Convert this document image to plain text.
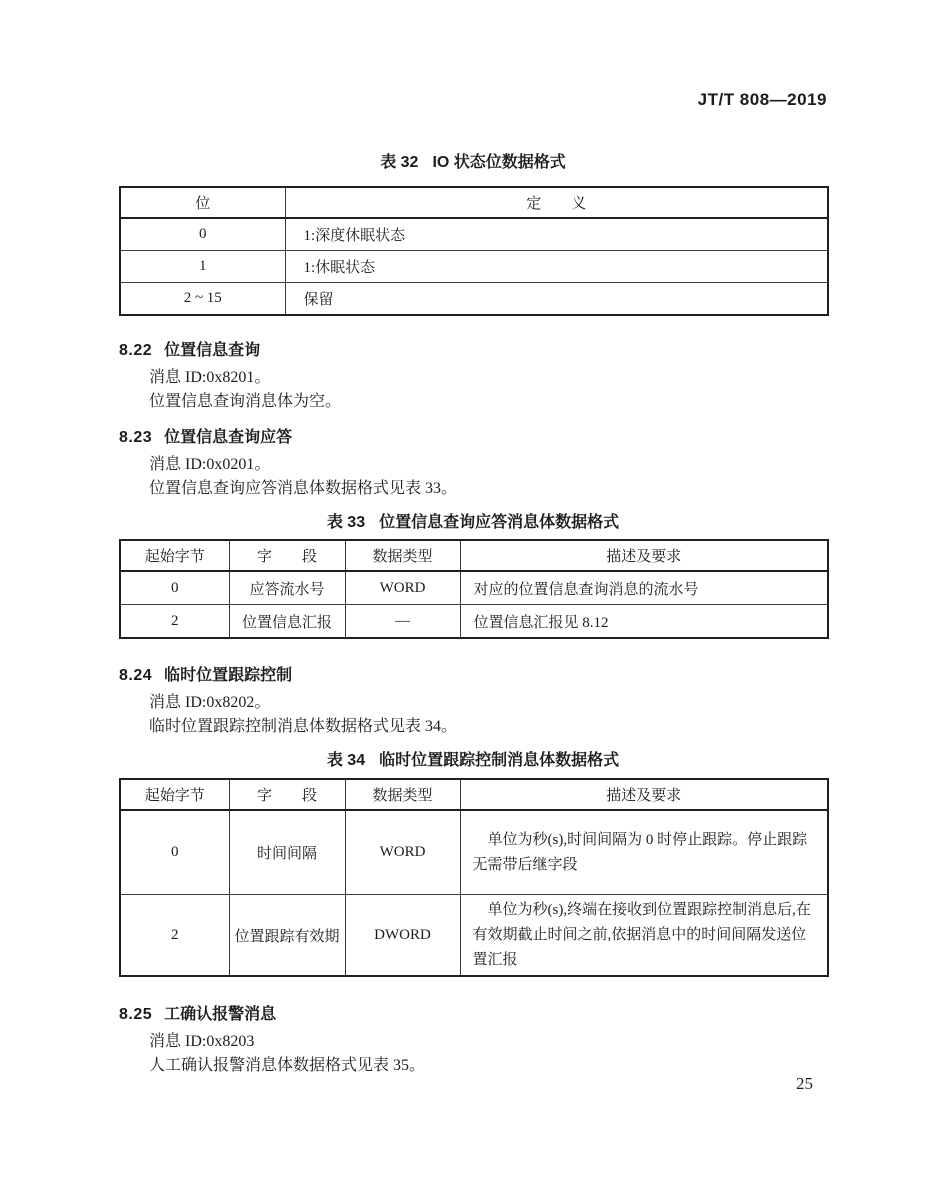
JT/T 808—2019
表 32 IO 状态位数据格式
位	定　　义
0	1:深度休眠状态
1	1:休眠状态
2 ~ 15	保留
8.22 位置信息查询

消息 ID:0x8201。

位置信息查询消息体为空。

8.23 位置信息查询应答

消息 ID:0x0201。

位置信息查询应答消息体数据格式见表 33。

表 33 位置信息查询应答消息体数据格式
起始字节	字　　段	数据类型	描述及要求
0	应答流水号	WORD	对应的位置信息查询消息的流水号
2	位置信息汇报	—	位置信息汇报见 8.12
8.24 临时位置跟踪控制

消息 ID:0x8202。

临时位置跟踪控制消息体数据格式见表 34。

表 34 临时位置跟踪控制消息体数据格式
起始字节	字　　段	数据类型	描述及要求
0	时间间隔	WORD	单位为秒(s),时间间隔为 0 时停止跟踪。停止跟踪无需带后继字段
2	位置跟踪有效期	DWORD	单位为秒(s),终端在接收到位置跟踪控制消息后,在有效期截止时间之前,依据消息中的时间间隔发送位置汇报
8.25 工确认报警消息

消息 ID:0x8203

人工确认报警消息体数据格式见表 35。

25
